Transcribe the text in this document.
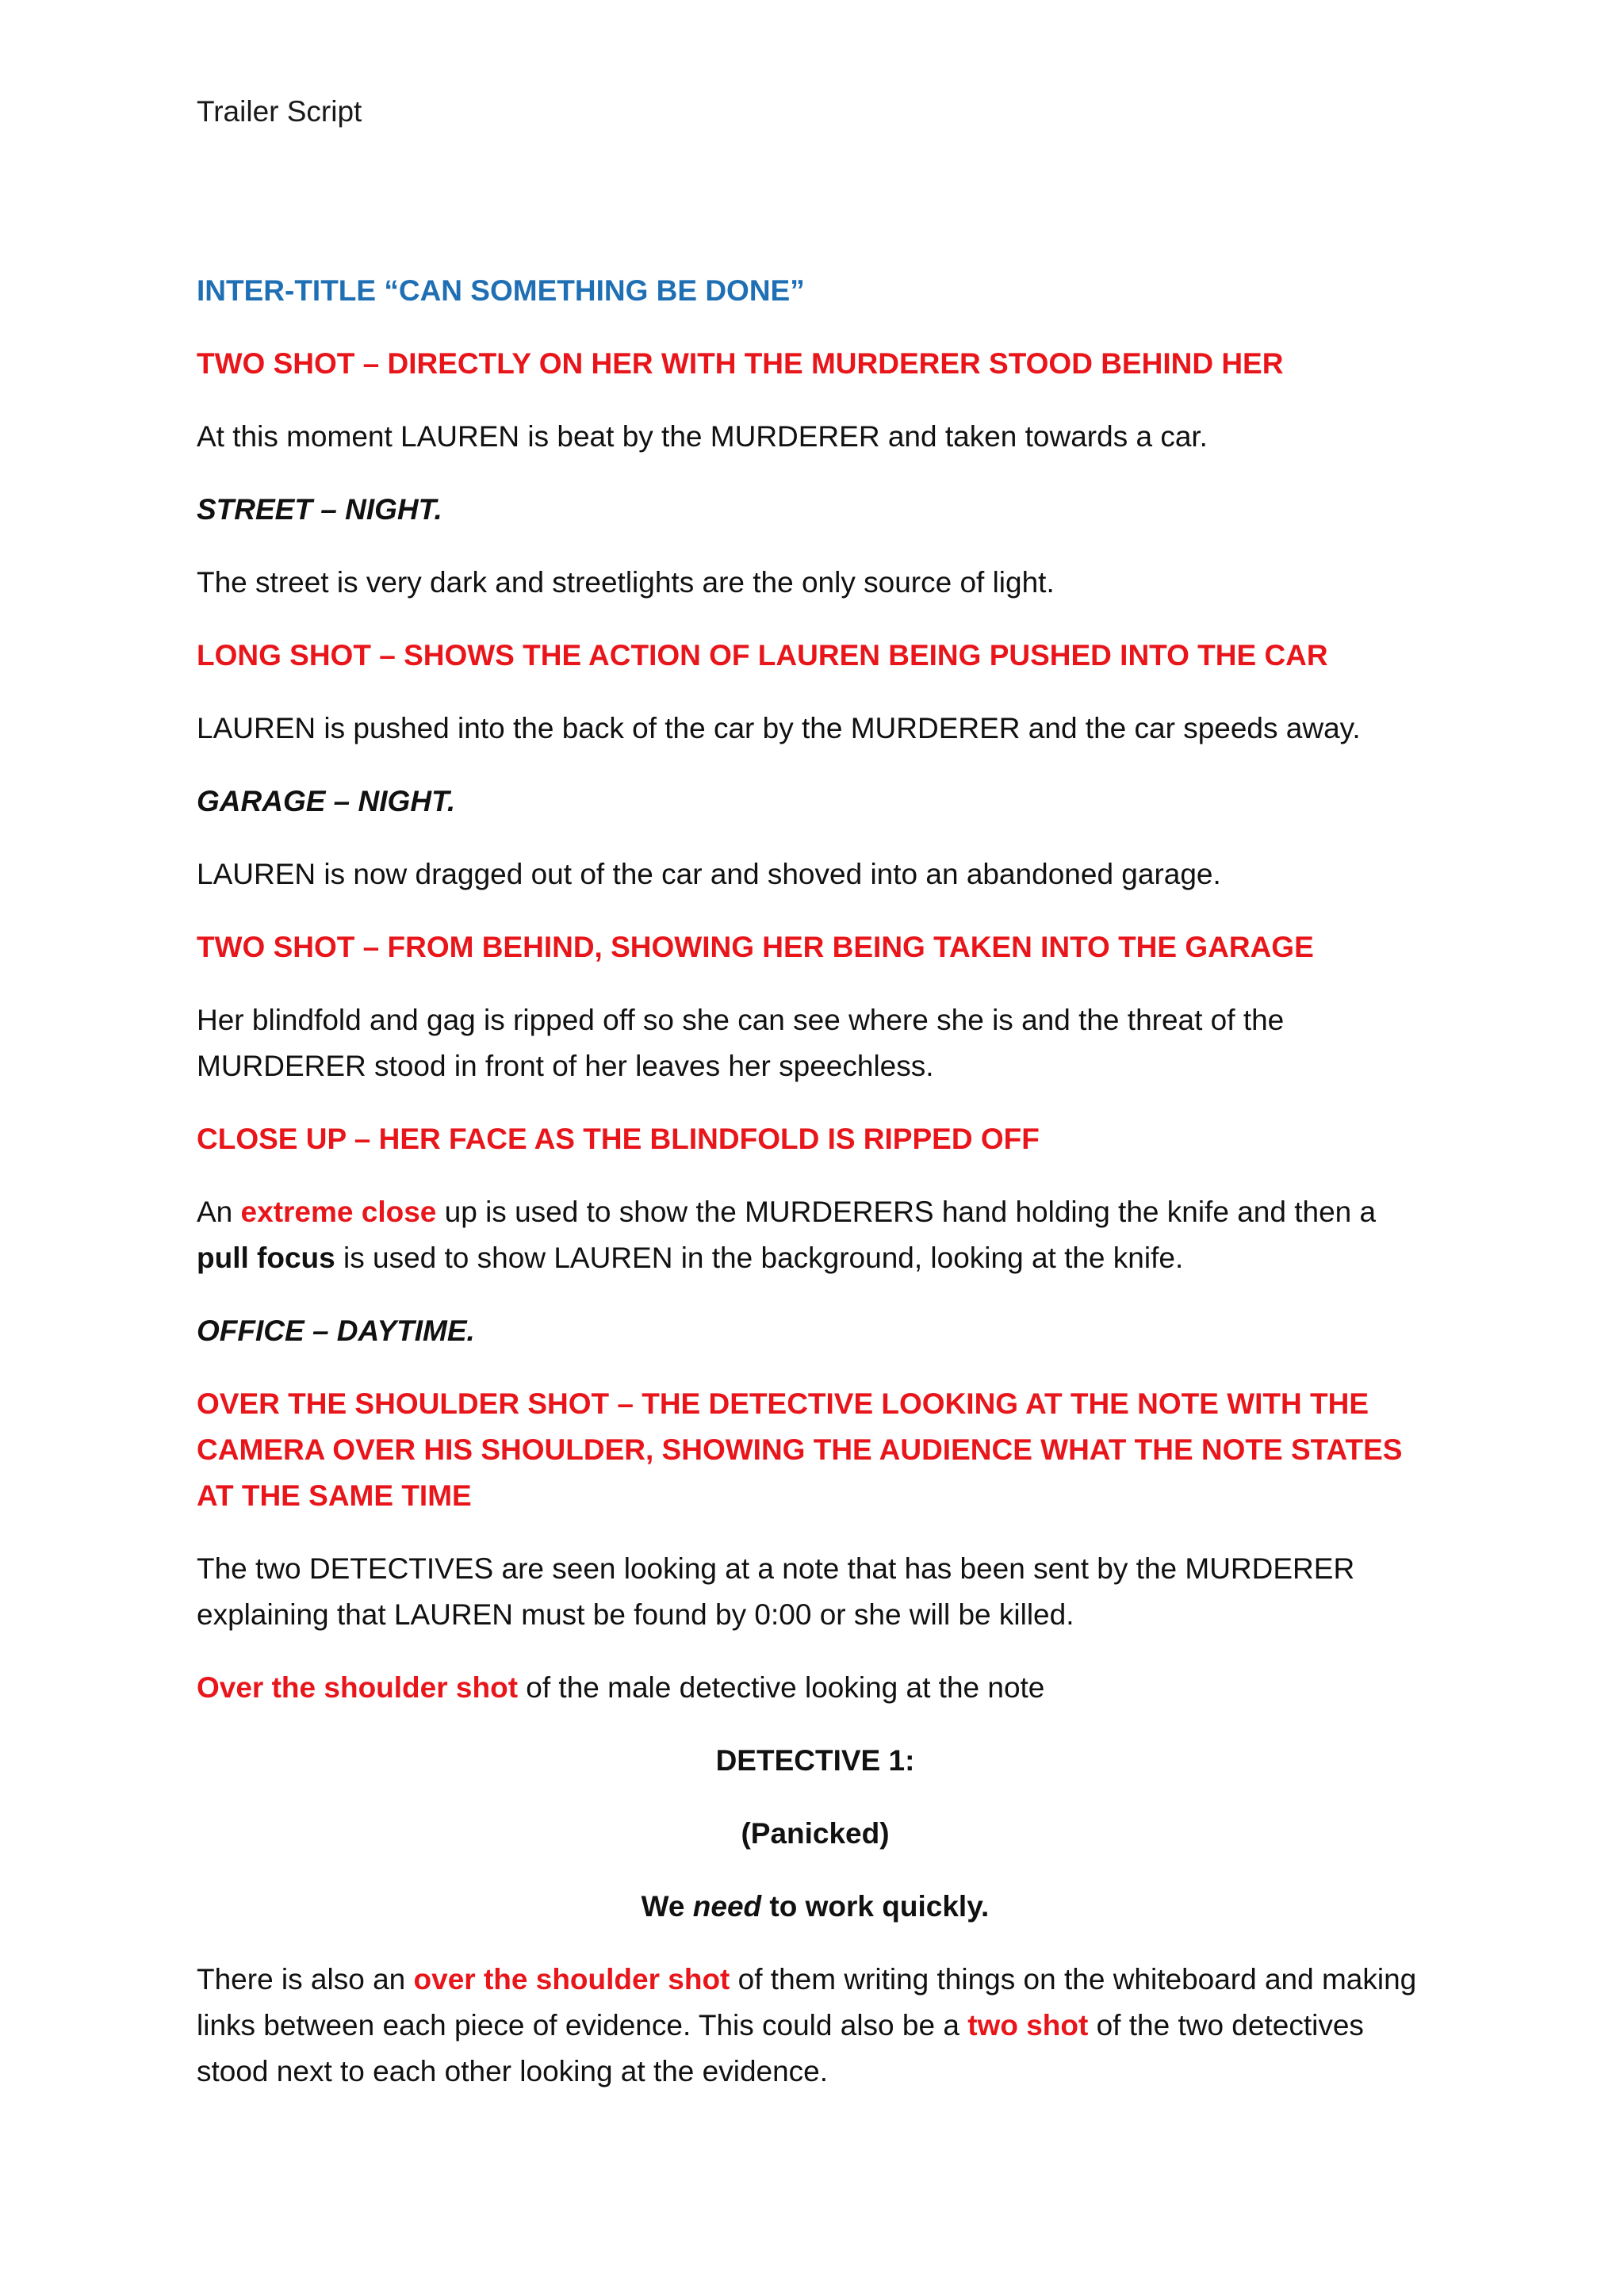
Trailer Script

INTER-TITLE “CAN SOMETHING BE DONE”

TWO SHOT – DIRECTLY ON HER WITH THE MURDERER STOOD BEHIND HER

At this moment LAUREN is beat by the MURDERER and taken towards a car.

STREET – NIGHT.

The street is very dark and streetlights are the only source of light.

LONG SHOT – SHOWS THE ACTION OF LAUREN BEING PUSHED INTO THE CAR

LAUREN is pushed into the back of the car by the MURDERER and the car speeds away.

GARAGE – NIGHT.

LAUREN is now dragged out of the car and shoved into an abandoned garage.

TWO SHOT – FROM BEHIND, SHOWING HER BEING TAKEN INTO THE GARAGE

Her blindfold and gag is ripped off so she can see where she is and the threat of the MURDERER stood in front of her leaves her speechless.

CLOSE UP – HER FACE AS THE BLINDFOLD IS RIPPED OFF

An extreme close up is used to show the MURDERERS hand holding the knife and then a pull focus is used to show LAUREN in the background, looking at the knife.

OFFICE – DAYTIME.

OVER THE SHOULDER SHOT – THE DETECTIVE LOOKING AT THE NOTE WITH THE CAMERA OVER HIS SHOULDER, SHOWING THE AUDIENCE WHAT THE NOTE STATES AT THE SAME TIME

The two DETECTIVES are seen looking at a note that has been sent by the MURDERER explaining that LAUREN must be found by 0:00 or she will be killed.

Over the shoulder shot of the male detective looking at the note

DETECTIVE 1:

(Panicked)

We need to work quickly.

There is also an over the shoulder shot of them writing things on the whiteboard and making links between each piece of evidence. This could also be a two shot of the two detectives stood next to each other looking at the evidence.
